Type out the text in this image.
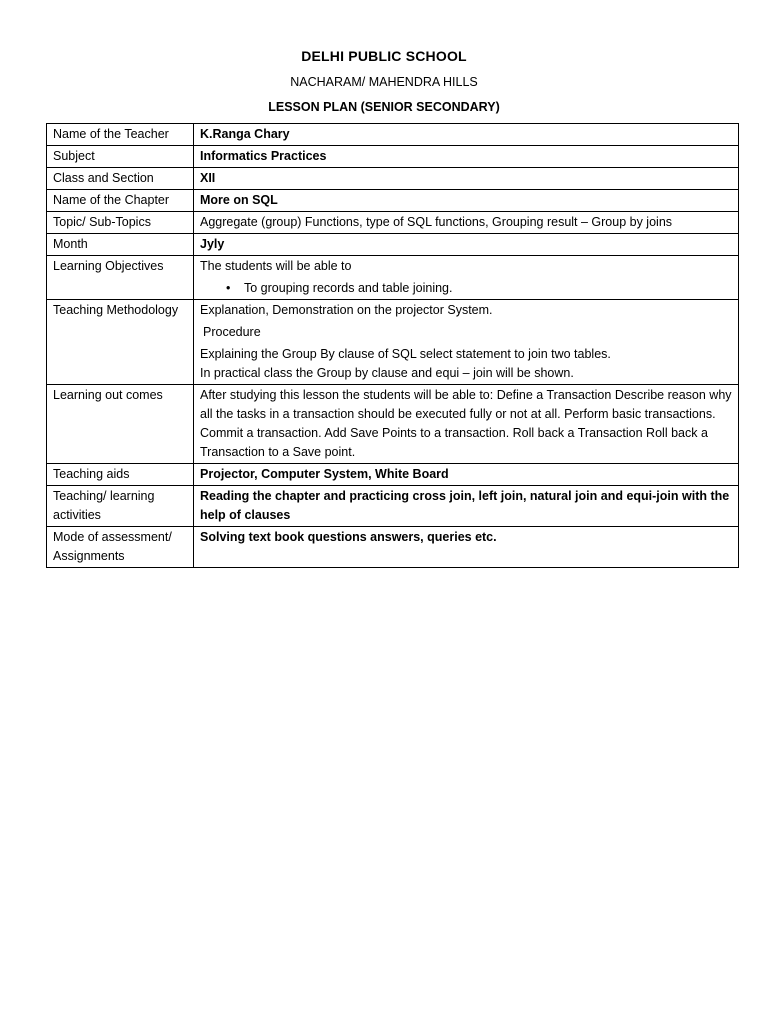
DELHI PUBLIC SCHOOL
NACHARAM/ MAHENDRA HILLS
LESSON PLAN (SENIOR SECONDARY)
Name of the Teacher	K.Ranga Chary
Subject	Informatics Practices
Class and Section	XII
Name of the Chapter	More on SQL
Topic/ Sub-Topics	Aggregate (group) Functions, type of SQL functions, Grouping result – Group by joins
Month	Jyly
Learning Objectives	The students will be able to
• To grouping records and table joining.

Teaching Methodology	Explanation, Demonstration on the projector System.
Procedure
Explaining the Group By clause of SQL select statement to join two tables.
In practical class the Group by clause and equi – join will be shown.

Learning out comes	After studying this lesson the students will be able to: Define a Transaction Describe reason why all the tasks in a transaction should be executed fully or not at all. Perform basic transactions. Commit a transaction. Add Save Points to a transaction. Roll back a Transaction Roll back a Transaction to a Save point.
Teaching aids	Projector, Computer System, White Board
Teaching/ learning activities	Reading the chapter and practicing cross join, left join, natural join and equi-join with the help of clauses
Mode of assessment/ Assignments	Solving text book questions answers, queries etc.
